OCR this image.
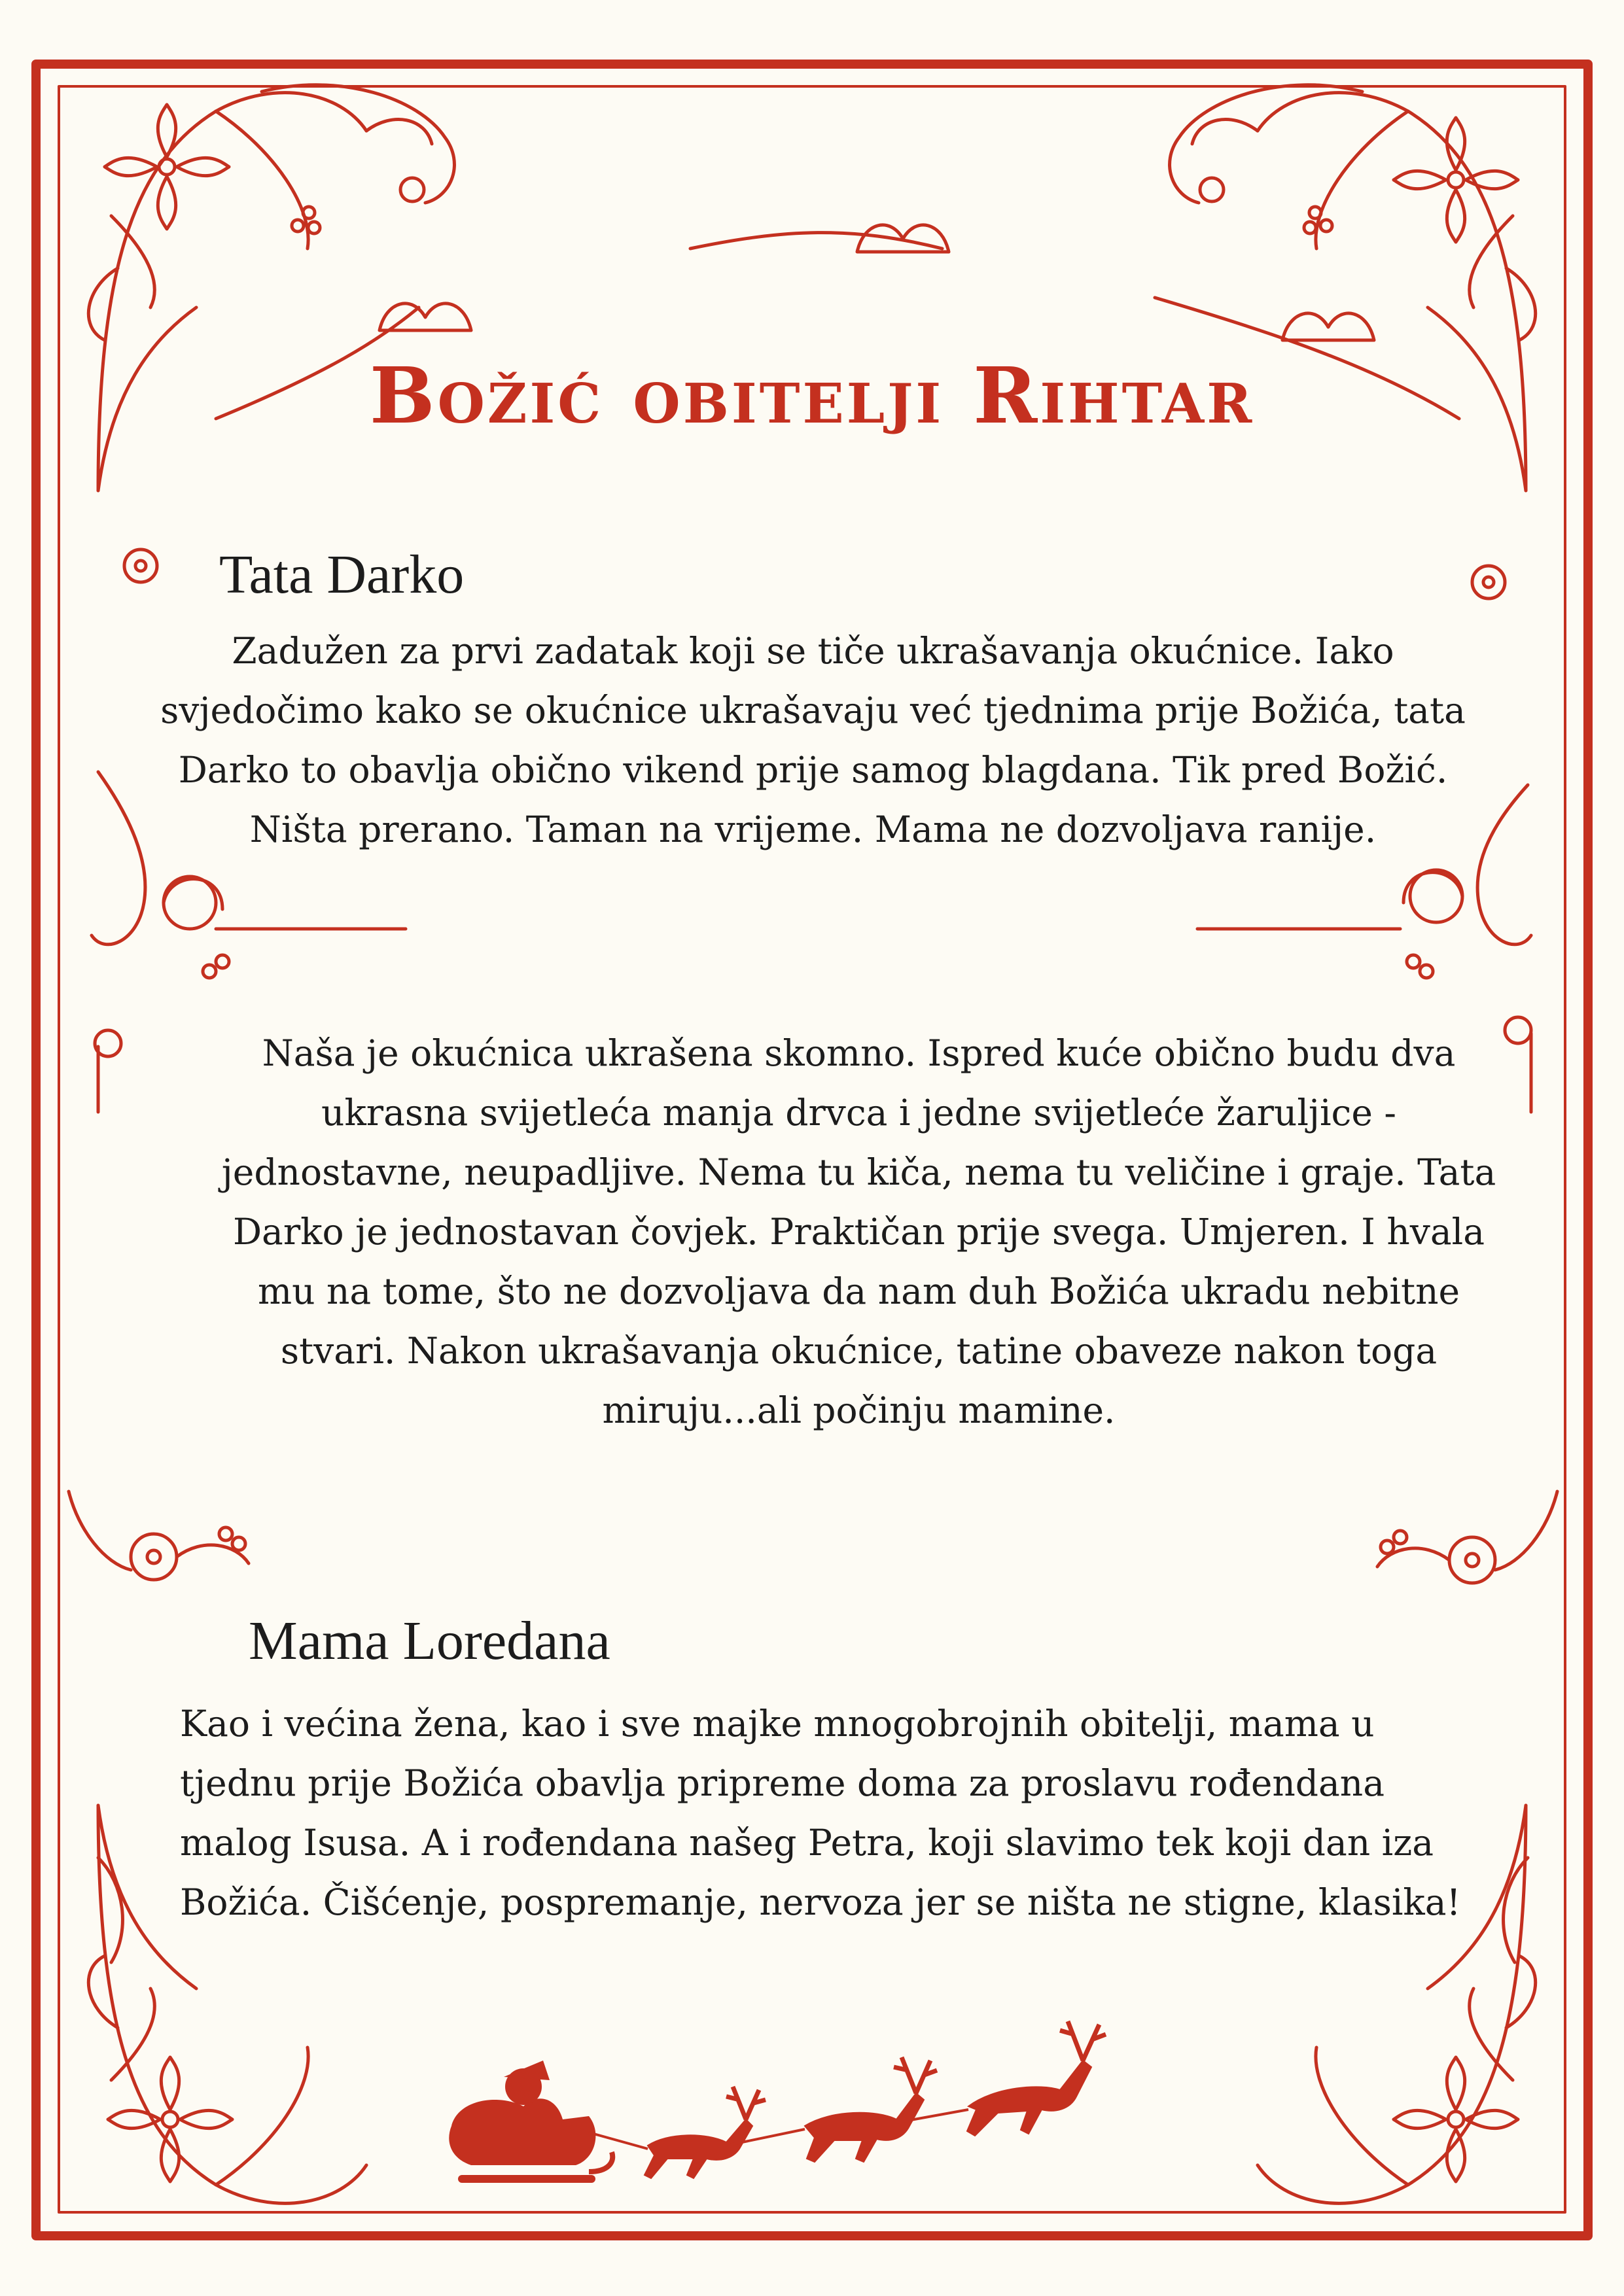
Božić obitelji Rihtar
Tata Darko
Zadužen za prvi zadatak koji se tiče ukrašavanja okućnice. Iako svjedočimo kako se okućnice ukrašavaju već tjednima prije Božića, tata Darko to obavlja obično vikend prije samog blagdana. Tik pred Božić. Ništa prerano. Taman na vrijeme. Mama ne dozvoljava ranije.
Naša je okućnica ukrašena skomno. Ispred kuće obično budu dva ukrasna svijetleća manja drvca i jedne svijetleće žaruljice - jednostavne, neupadljive. Nema tu kiča, nema tu veličine i graje. Tata Darko je jednostavan čovjek. Praktičan prije svega. Umjeren. I hvala mu na tome, što ne dozvoljava da nam duh Božića ukradu nebitne stvari. Nakon ukrašavanja okućnice, tatine obaveze nakon toga miruju...ali počinju mamine.
Mama Loredana
Kao i većina žena, kao i sve majke mnogobrojnih obitelji, mama u tjednu prije Božića obavlja pripreme doma za proslavu rođendana malog Isusa. A i rođendana našeg Petra, koji slavimo tek koji dan iza Božića. Čišćenje, pospremanje, nervoza jer se ništa ne stigne, klasika!
